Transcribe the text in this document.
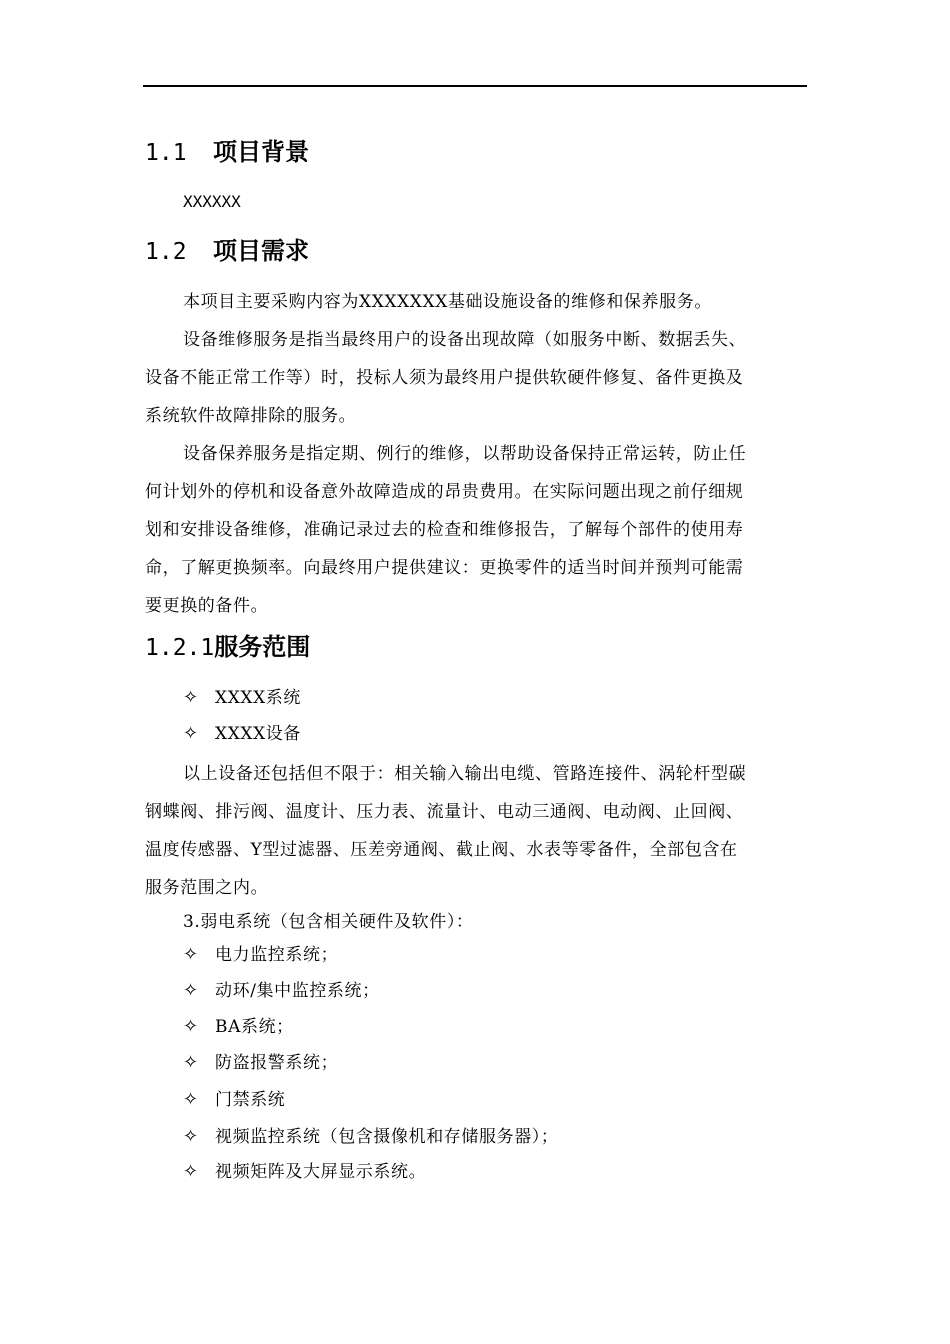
1.1 项目背景
XXXXXX
1.2 项目需求
本项目主要采购内容为XXXXXXX基础设施设备的维修和保养服务。
设备维修服务是指当最终用户的设备出现故障（如服务中断、数据丢失、
设备不能正常工作等）时，投标人须为最终用户提供软硬件修复、备件更换及
系统软件故障排除的服务。
设备保养服务是指定期、例行的维修，以帮助设备保持正常运转，防止任
何计划外的停机和设备意外故障造成的昂贵费用。在实际问题出现之前仔细规
划和安排设备维修，准确记录过去的检查和维修报告，了解每个部件的使用寿
命，了解更换频率。向最终用户提供建议：更换零件的适当时间并预判可能需
要更换的备件。
1.2.1服务范围
✧ XXXX系统
✧ XXXX设备
以上设备还包括但不限于：相关输入输出电缆、管路连接件、涡轮杆型碳
钢蝶阀、排污阀、温度计、压力表、流量计、电动三通阀、电动阀、止回阀、
温度传感器、Y型过滤器、压差旁通阀、截止阀、水表等零备件，全部包含在
服务范围之内。
3.弱电系统（包含相关硬件及软件）：
✧ 电力监控系统；
✧ 动环/集中监控系统；
✧ BA系统；
✧ 防盗报警系统；
✧ 门禁系统
✧ 视频监控系统（包含摄像机和存储服务器）；
✧ 视频矩阵及大屏显示系统。
